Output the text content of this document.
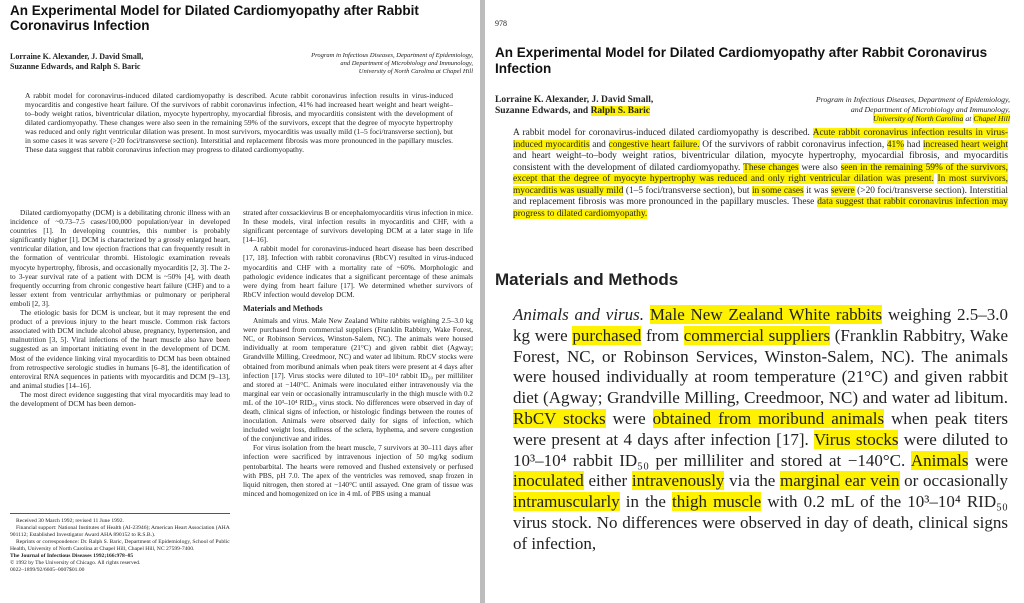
An Experimental Model for Dilated Cardiomyopathy after Rabbit Coronavirus Infection
Lorraine K. Alexander, J. David Small,
Suzanne Edwards, and Ralph S. Baric
Program in Infectious Diseases, Department of Epidemiology,
and Department of Microbiology and Immunology,
University of North Carolina at Chapel Hill
A rabbit model for coronavirus-induced dilated cardiomyopathy is described. Acute rabbit coronavirus infection results in virus-induced myocarditis and congestive heart failure. Of the survivors of rabbit coronavirus infection, 41% had increased heart weight and heart weight–to–body weight ratios, biventricular dilation, myocyte hypertrophy, myocardial fibrosis, and myocarditis consistent with the development of dilated cardiomyopathy. These changes were also seen in the remaining 59% of the survivors, except that the degree of myocyte hypertrophy was reduced and only right ventricular dilation was present. In most survivors, myocarditis was usually mild (1–5 foci/transverse section), but in some cases it was severe (>20 foci/transverse section). Interstitial and replacement fibrosis was more pronounced in the papillary muscles. These data suggest that rabbit coronavirus infection may progress to dilated cardiomyopathy.

Dilated cardiomyopathy (DCM) is a debilitating chronic illness with an incidence of ~0.73–7.5 cases/100,000 population/year in developed countries [1]. In developing countries, this number is probably significantly higher [1]. DCM is characterized by a grossly enlarged heart, ventricular dilation, and low ejection fractions that can frequently result in the formation of ventricular thrombi. Histologic examination reveals myocyte hypertrophy, fibrosis, and occasionally myocarditis [2, 3]. The 2- to 3-year survival rate of a patient with DCM is ~50% [4], with death frequently occurring from chronic congestive heart failure (CHF) and to a lesser extent from ventricular arrhythmias or pulmonary or peripheral emboli [2, 3].

The etiologic basis for DCM is unclear, but it may represent the end product of a previous injury to the heart muscle. Common risk factors associated with DCM include alcohol abuse, pregnancy, hypertension, and malnutrition [3, 5]. Viral infections of the heart muscle also have been suggested as an important initiating event in the development of DCM. Most of the evidence linking viral myocarditis to DCM has been obtained from retrospective serologic studies in humans [6–8], the identification of enteroviral RNA sequences in patients with myocarditis and DCM [9–13], and animal studies [14–16].

The most direct evidence suggesting that viral myocarditis may lead to the development of DCM has been demon-

Received 30 March 1992; revised 11 June 1992.

Financial support: National Institutes of Health (AI-23946); American Heart Association (AHA 901112; Established Investigator Award AHA 890152 to R.S.B.).

Reprints or correspondence: Dr. Ralph S. Baric, Department of Epidemiology, School of Public Health, University of North Carolina at Chapel Hill, Chapel Hill, NC 27599-7400.

The Journal of Infectious Diseases 1992;166:978–85
© 1992 by The University of Chicago. All rights reserved.
0022–1899/92/6605–0007$01.00

strated after coxsackievirus B or encephalomyocarditis virus infection in mice. In these models, viral infection results in myocarditis and CHF, with a significant percentage of survivors developing DCM at a later stage in life [14–16].

A rabbit model for coronavirus-induced heart disease has been described [17, 18]. Infection with rabbit coronavirus (RbCV) resulted in virus-induced myocarditis and CHF with a mortality rate of ~60%. Morphologic and pathologic evidence indicates that a significant percentage of these animals were dying from heart failure [17]. We determined whether survivors of RbCV infection would develop DCM.

Materials and Methods

Animals and virus. Male New Zealand White rabbits weighing 2.5–3.0 kg were purchased from commercial suppliers (Franklin Rabbitry, Wake Forest, NC, or Robinson Services, Winston-Salem, NC). The animals were housed individually at room temperature (21°C) and given rabbit diet (Agway; Grandville Milling, Creedmoor, NC) and water ad libitum. RbCV stocks were obtained from moribund animals when peak titers were present at 4 days after infection [17]. Virus stocks were diluted to 10³–10⁴ rabbit ID₅₀ per milliliter and stored at −140°C. Animals were inoculated either intravenously via the marginal ear vein or occasionally intramuscularly in the thigh muscle with 0.2 mL of the 10³–10⁴ RID₅₀ virus stock. No differences were observed in day of death, clinical signs of infection, or histologic findings between the routes of inoculation. Animals were observed daily for signs of infection, which included weight loss, dullness of the sclera, hyphema, and severe congestion of the conjunctivae and irides.

For virus isolation from the heart muscle, 7 survivors at 30–111 days after infection were sacrificed by intravenous injection of 50 mg/kg sodium pentobarbital. The hearts were removed and flushed extensively or perfused with PBS, pH 7.0. The apex of the ventricles was removed, snap frozen in liquid nitrogen, then stored at −140°C until assayed. One gram of tissue was minced and homogenized on ice in 4 mL of PBS using a manual

978
An Experimental Model for Dilated Cardiomyopathy after Rabbit Coronavirus Infection
Lorraine K. Alexander, J. David Small,
Suzanne Edwards, and Ralph S. Baric
Program in Infectious Diseases, Department of Epidemiology,
and Department of Microbiology and Immunology,
University of North Carolina at Chapel Hill
A rabbit model for coronavirus-induced dilated cardiomyopathy is described. Acute rabbit coronavirus infection results in virus-induced myocarditis and congestive heart failure. Of the survivors of rabbit coronavirus infection, 41% had increased heart weight and heart weight–to–body weight ratios, biventricular dilation, myocyte hypertrophy, myocardial fibrosis, and myocarditis consistent with the development of dilated cardiomyopathy. These changes were also seen in the remaining 59% of the survivors, except that the degree of myocyte hypertrophy was reduced and only right ventricular dilation was present. In most survivors, myocarditis was usually mild (1–5 foci/transverse section), but in some cases it was severe (>20 foci/transverse section). Interstitial and replacement fibrosis was more pronounced in the papillary muscles. These data suggest that rabbit coronavirus infection may progress to dilated cardiomyopathy.
Materials and Methods
Animals and virus. Male New Zealand White rabbits weighing 2.5–3.0 kg were purchased from commercial suppliers (Franklin Rabbitry, Wake Forest, NC, or Robinson Services, Winston-Salem, NC). The animals were housed individually at room temperature (21°C) and given rabbit diet (Agway; Grandville Milling, Creedmoor, NC) and water ad libitum. RbCV stocks were obtained from moribund animals when peak titers were present at 4 days after infection [17]. Virus stocks were diluted to 10³–10⁴ rabbit ID₅₀ per milliliter and stored at −140°C. Animals were inoculated either intravenously via the marginal ear vein or occasionally intramuscularly in the thigh muscle with 0.2 mL of the 10³–10⁴ RID₅₀ virus stock. No differences were observed in day of death, clinical signs of infection,
